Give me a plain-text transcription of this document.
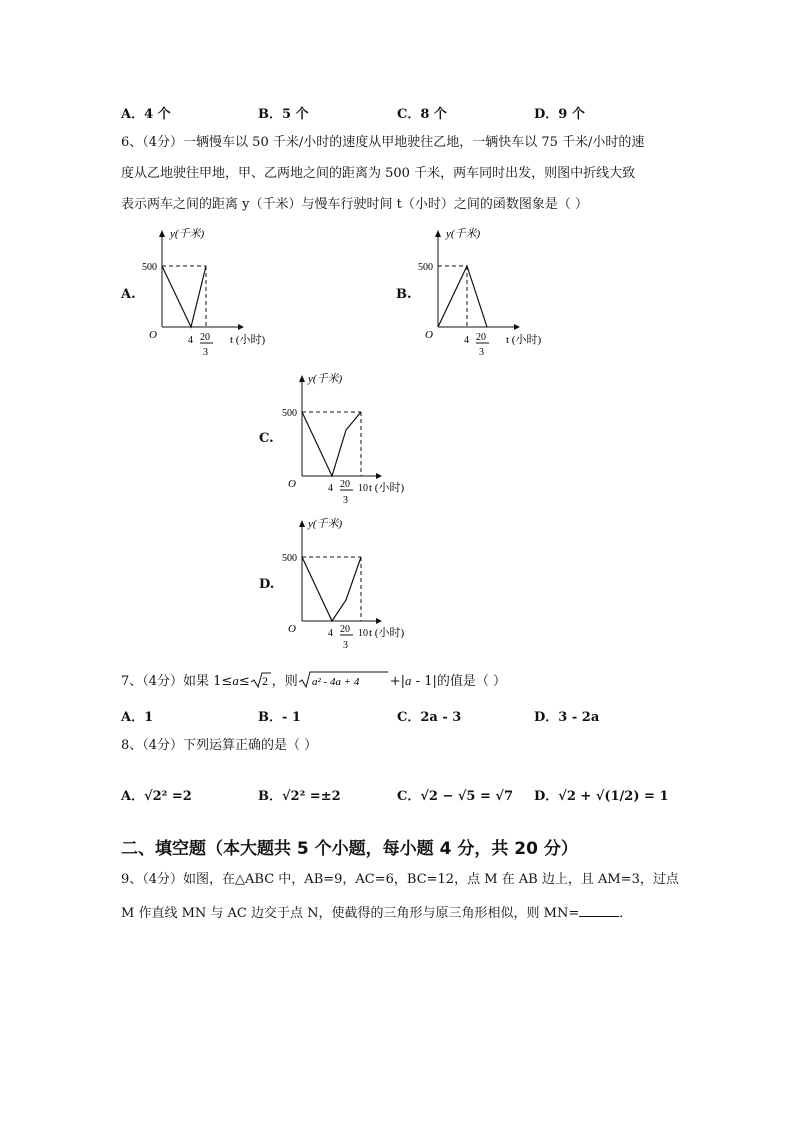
A．4 个	B．5 个	C．8 个	D．9 个
6、（4分）一辆慢车以 50 千米/小时的速度从甲地驶往乙地，一辆快车以 75 千米/小时的速
度从乙地驶往甲地，甲、乙两地之间的距离为 500 千米，两车同时出发，则图中折线大致
表示两车之间的距离 y（千米）与慢车行驶时间 t（小时）之间的函数图象是（ ）
A.	B.
C.
D.
y(千米)
500
O	4 20
3
t (小时)
y(千米)
500
O	4 20
3
t (小时)
y(千米)
500
O	4 20
3
10 t (小时)
y(千米)
500
O	4 20
3
10 t (小时)
7、（4分）如果 1≤a≤ 2 ，则 a² - 4a + 4 +|a - 1|的值是（ ）
A．1	B．- 1	C．2a - 3	D．3 - 2a
8、（4分）下列运算正确的是（ ）
A．√2² =2	B．√2² =±2	C．√2 − √5 = √7 D．√2 + √(1/2) = 1
二、填空题（本大题共 5 个小题，每小题 4 分，共 20 分）
9、（4分）如图，在△ABC 中，AB=9，AC=6，BC=12，点 M 在 AB 边上，且 AM=3，过点
M 作直线 MN 与 AC 边交于点 N，使截得的三角形与原三角形相似，则 MN=	．
